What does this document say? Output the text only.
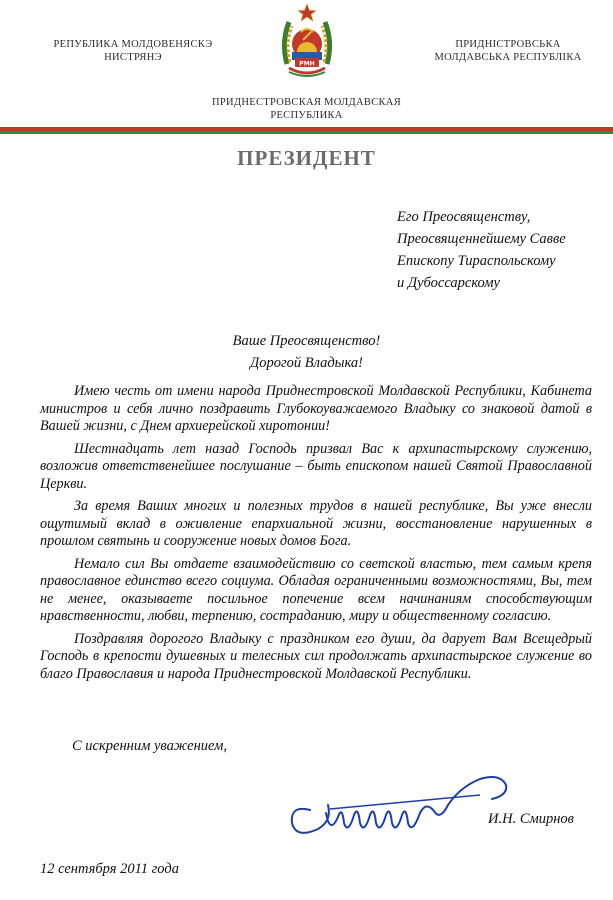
РЕПУБЛИКА МОЛДОВЕНЯСКЭ
НИСТРЯНЭ
РМН
ПРИДНІСТРОВСЬКА
МОЛДАВСЬКА РЕСПУБЛІКА
ПРИДНЕСТРОВСКАЯ МОЛДАВСКАЯ
РЕСПУБЛИКА
ПРЕЗИДЕНТ
Его Преосвященству,
Преосвященнейшему Савве
Епископу Тираспольскому
и Дубоссарскому
Ваше Преосвященство!
Дорогой Владыка!

Имею честь от имени народа Приднестровской Молдавской Республики, Кабинета министров и себя лично поздравить Глубокоуважаемого Владыку со знаковой датой в Вашей жизни, с Днем архиерейской хиротонии!

Шестнадцать лет назад Господь призвал Вас к архипастырскому служению, возложив ответственейшее послушание – быть епископом нашей Святой Православной Церкви.

За время Ваших многих и полезных трудов в нашей республике, Вы уже внесли ощутимый вклад в оживление епархиальной жизни, восстановление нарушенных в прошлом святынь и сооружение новых домов Бога.

Немало сил Вы отдаете взаимодействию со светской властью, тем самым крепя православное единство всего социума. Обладая ограниченными возможностями, Вы, тем не менее, оказываете посильное попечение всем начинаниям способствующим нравственности, любви, терпению, состраданию, миру и общественному согласию.

Поздравляя дорогого Владыку с праздником его души, да дарует Вам Всещедрый Господь в крепости душевных и телесных сил продолжать архипастырское служение во благо Православия и народа Приднестровской Молдавской Республики.

С искренним уважением,
И.Н. Смирнов
12 сентября 2011 года
